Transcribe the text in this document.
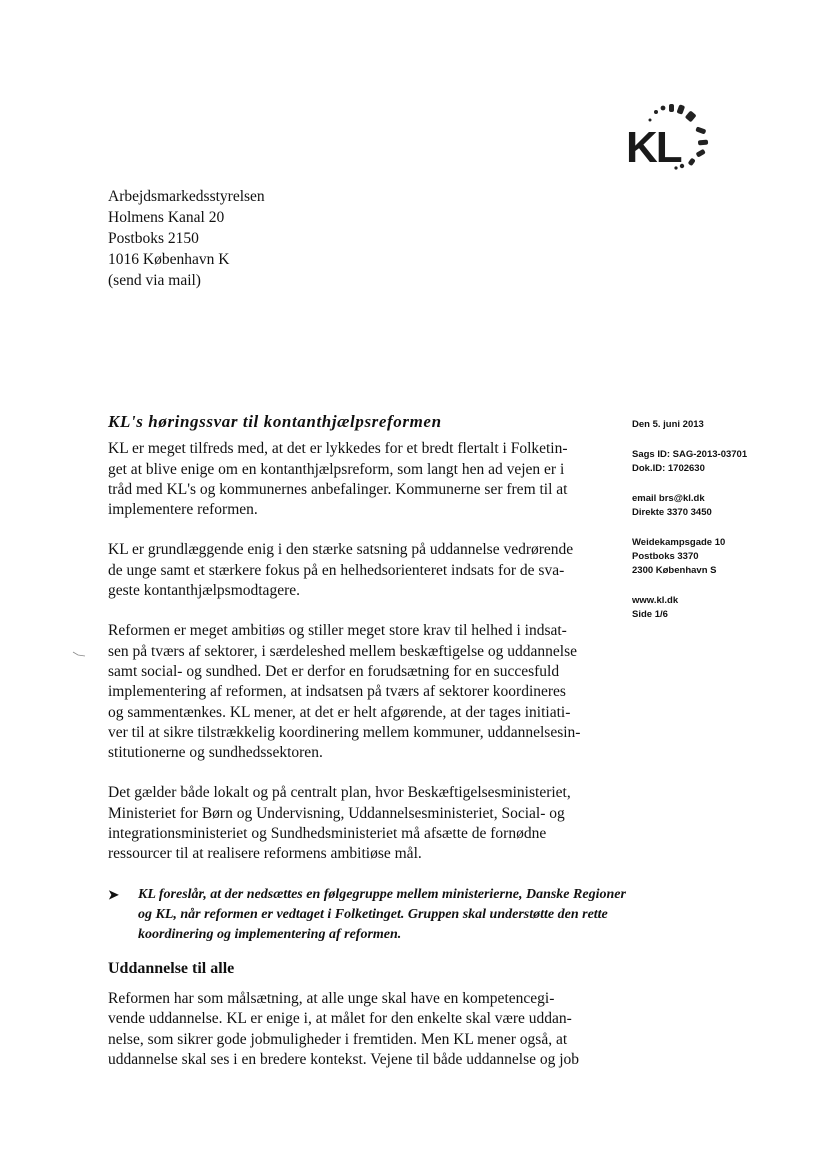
KL
Arbejdsmarkedsstyrelsen
Holmens Kanal 20
Postboks 2150
1016 København K
(send via mail)
KL's høringssvar til kontanthjælpsreformen
KL er meget tilfreds med, at det er lykkedes for et bredt flertalt i Folketin-
get at blive enige om en kontanthjælpsreform, som langt hen ad vejen er i
tråd med KL's og kommunernes anbefalinger. Kommunerne ser frem til at
implementere reformen.
KL er grundlæggende enig i den stærke satsning på uddannelse vedrørende
de unge samt et stærkere fokus på en helhedsorienteret indsats for de sva-
geste kontanthjælpsmodtagere.
Reformen er meget ambitiøs og stiller meget store krav til helhed i indsat-
sen på tværs af sektorer, i særdeleshed mellem beskæftigelse og uddannelse
samt social- og sundhed. Det er derfor en forudsætning for en succesfuld
implementering af reformen, at indsatsen på tværs af sektorer koordineres
og sammentænkes. KL mener, at det er helt afgørende, at der tages initiati-
ver til at sikre tilstrækkelig koordinering mellem kommuner, uddannelsesin-
stitutionerne og sundhedssektoren.
Det gælder både lokalt og på centralt plan, hvor Beskæftigelsesministeriet,
Ministeriet for Børn og Undervisning, Uddannelsesministeriet, Social- og
integrationsministeriet og Sundhedsministeriet må afsætte de fornødne
ressourcer til at realisere reformens ambitiøse mål.
➤ KL foreslår, at der nedsættes en følgegruppe mellem ministerierne, Danske Regioner
og KL, når reformen er vedtaget i Folketinget. Gruppen skal understøtte den rette
koordinering og implementering af reformen.
Uddannelse til alle
Reformen har som målsætning, at alle unge skal have en kompetencegi-
vende uddannelse. KL er enige i, at målet for den enkelte skal være uddan-
nelse, som sikrer gode jobmuligheder i fremtiden. Men KL mener også, at
uddannelse skal ses i en bredere kontekst. Vejene til både uddannelse og job
Den 5. juni 2013
Sags ID: SAG-2013-03701
Dok.ID: 1702630
email brs@kl.dk
Direkte 3370 3450
Weidekampsgade 10
Postboks 3370
2300 København S
www.kl.dk
Side 1/6
